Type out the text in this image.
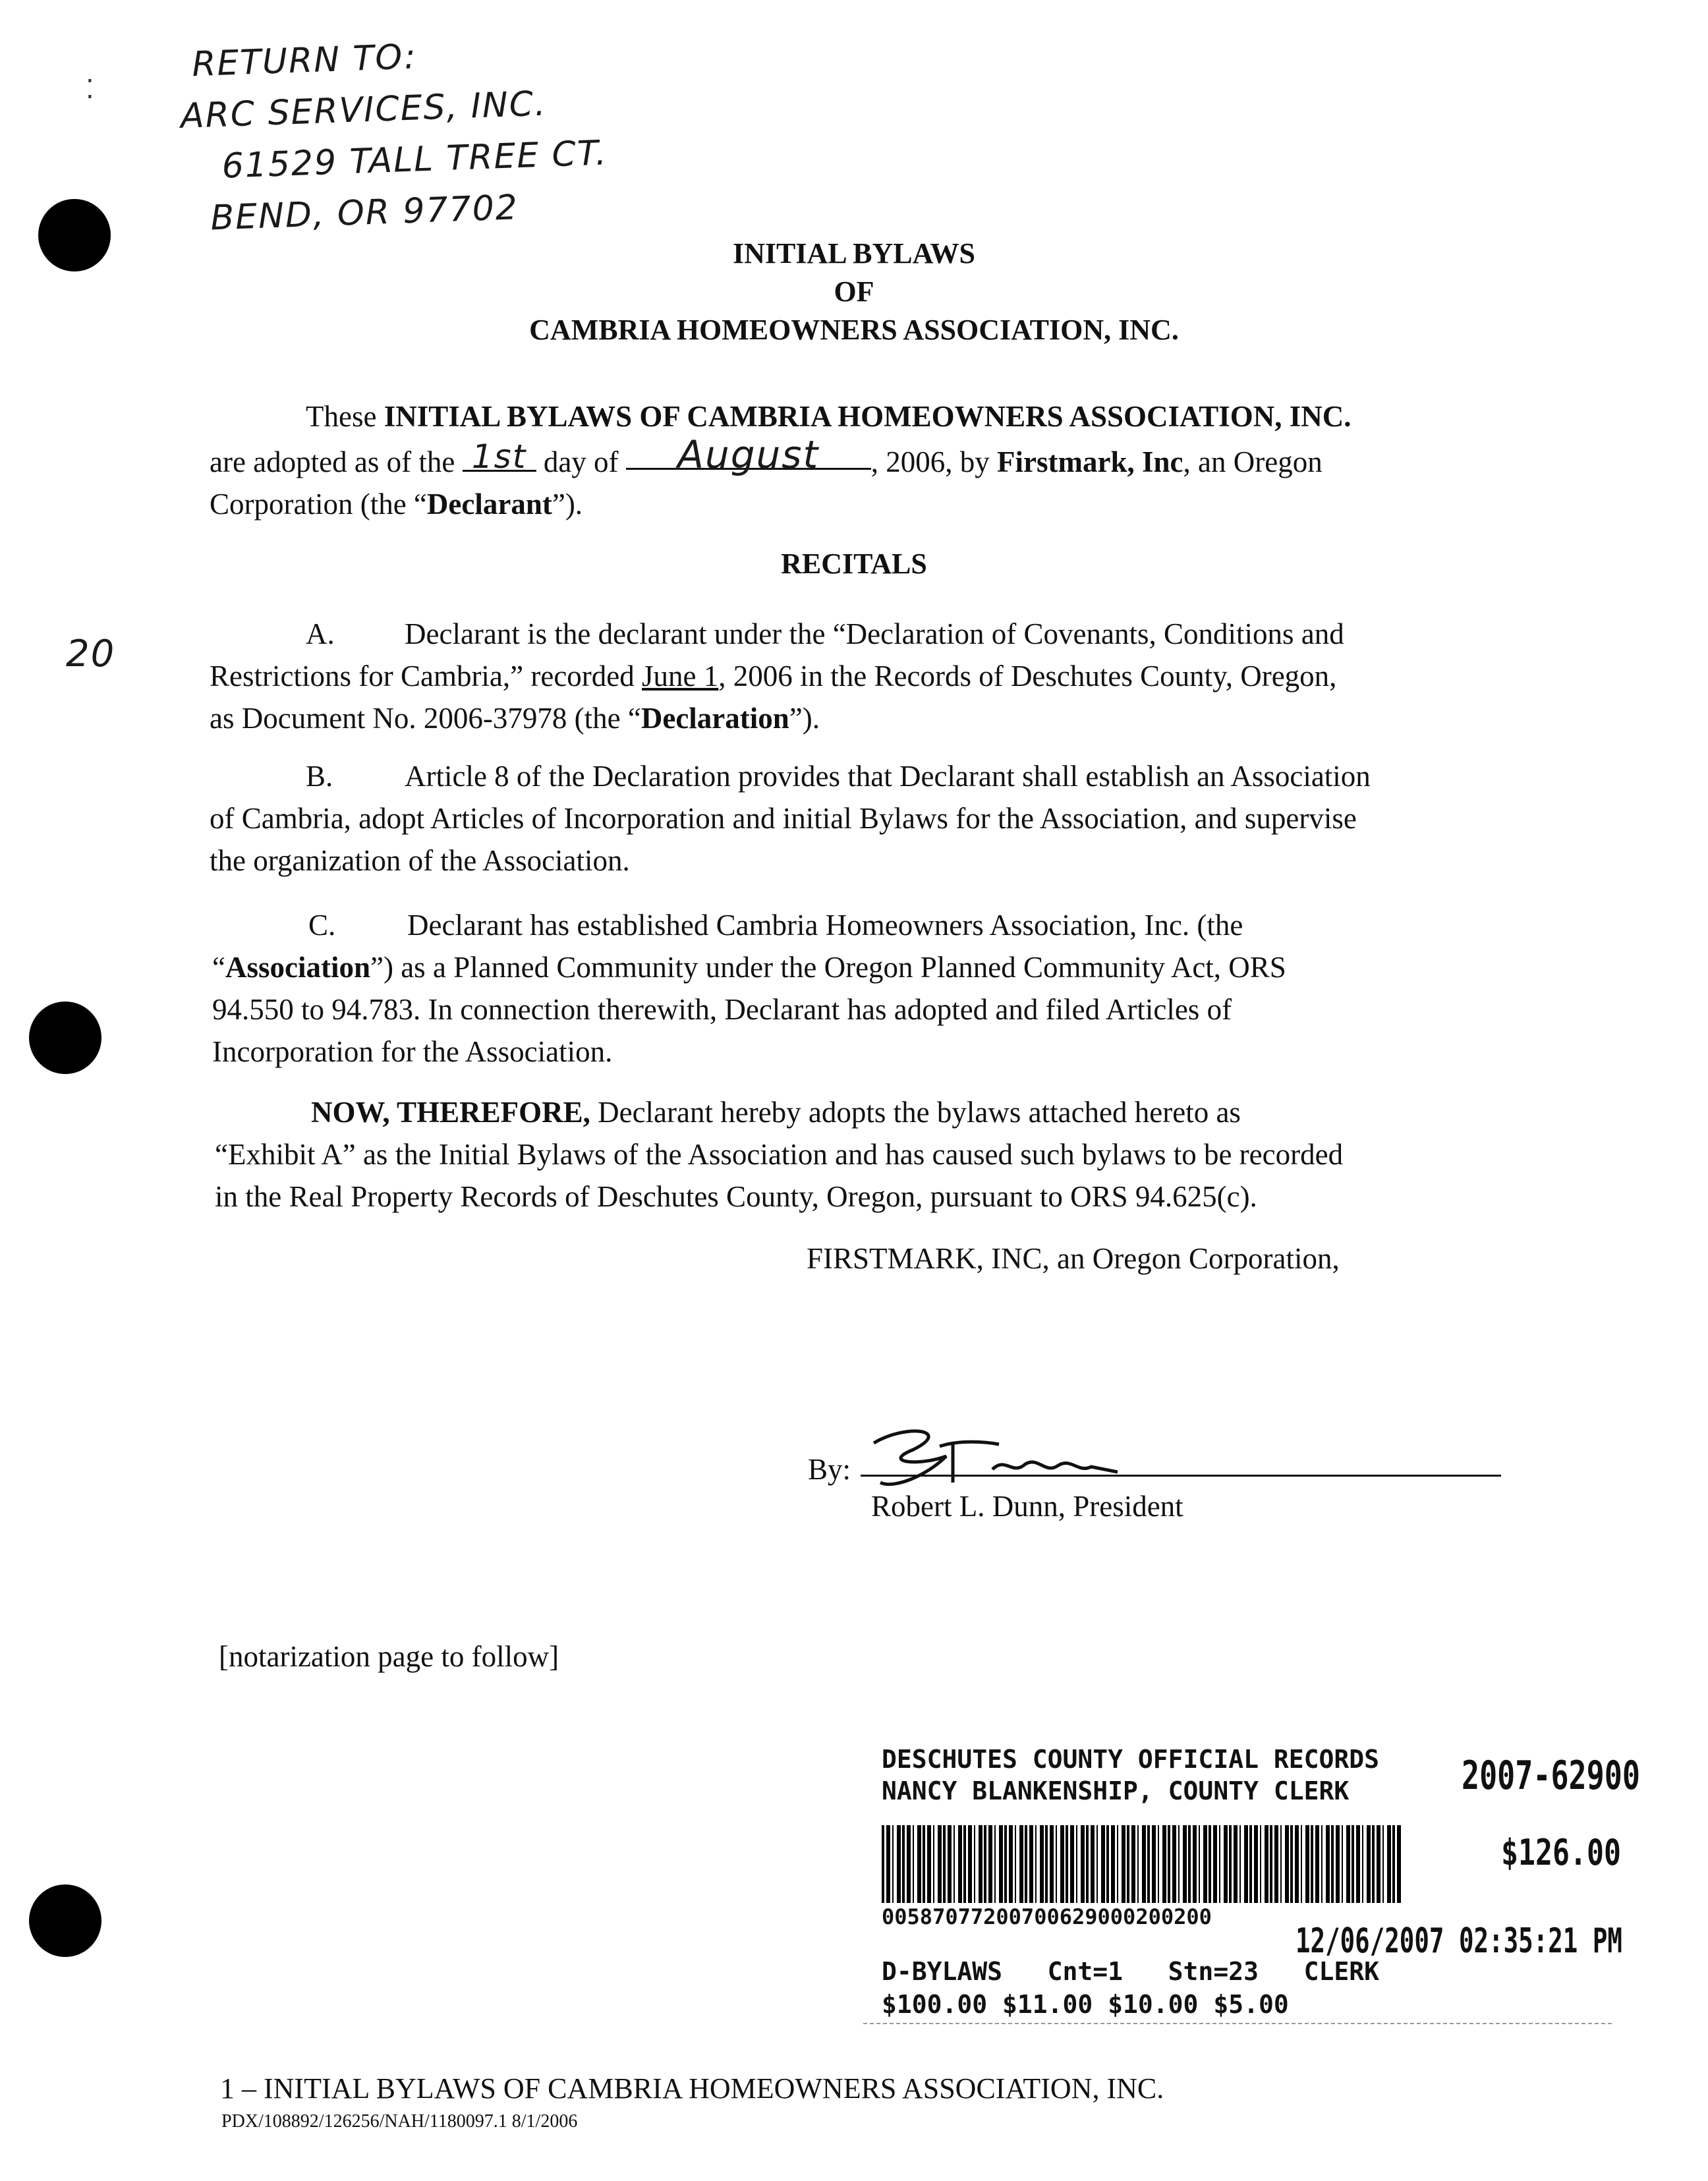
⁚
20
RETURN TO:
ARC SERVICES, INC.
61529 TALL TREE CT.
BEND, OR 97702
INITIAL BYLAWS
OF
CAMBRIA HOMEOWNERS ASSOCIATION, INC.
These INITIAL BYLAWS OF CAMBRIA HOMEOWNERS ASSOCIATION, INC.
are adopted as of the 1st day of August , 2006, by Firstmark, Inc, an Oregon
Corporation (the “Declarant”).
RECITALS
A. Declarant is the declarant under the “Declaration of Covenants, Conditions and
Restrictions for Cambria,” recorded June 1, 2006 in the Records of Deschutes County, Oregon,
as Document No. 2006-37978 (the “Declaration”).
B. Article 8 of the Declaration provides that Declarant shall establish an Association
of Cambria, adopt Articles of Incorporation and initial Bylaws for the Association, and supervise
the organization of the Association.
C. Declarant has established Cambria Homeowners Association, Inc. (the
“Association”) as a Planned Community under the Oregon Planned Community Act, ORS
94.550 to 94.783. In connection therewith, Declarant has adopted and filed Articles of
Incorporation for the Association.
NOW, THEREFORE, Declarant hereby adopts the bylaws attached hereto as
“Exhibit A” as the Initial Bylaws of the Association and has caused such bylaws to be recorded
in the Real Property Records of Deschutes County, Oregon, pursuant to ORS 94.625(c).
FIRSTMARK, INC, an Oregon Corporation,
By:
Robert L. Dunn, President
[notarization page to follow]
DESCHUTES COUNTY OFFICIAL RECORDS
NANCY BLANKENSHIP, COUNTY CLERK	2007-62900
$126.00
00587077200700629000200200
12/06/2007 02:35:21 PM
D-BYLAWS   Cnt=1   Stn=23   CLERK
$100.00 $11.00 $10.00 $5.00
1 – INITIAL BYLAWS OF CAMBRIA HOMEOWNERS ASSOCIATION, INC.
PDX/108892/126256/NAH/1180097.1 8/1/2006
